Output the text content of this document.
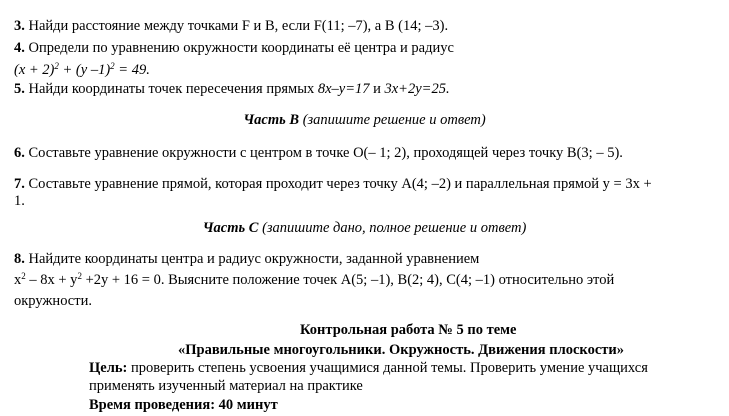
3. Найди расстояние между точками F и B, если F(11; –7), а B (14; –3).
4. Определи по уравнению окружности координаты её центра и радиус
$(x + 2)^2 + (y$ –1)$^2$ = 49.
5. Найди координаты точек пересечения прямых 8x–y=17 и 3x+2y=25.
Часть В (запишите решение и ответ)
6. Составьте уравнение окружности с центром в точке O(– 1; 2), проходящей через точку B(3; – 5).
7. Составьте уравнение прямой, которая проходит через точку A(4; –2) и параллельная прямой y = 3x +
1.
Часть С (запишите дано, полное решение и ответ)
8. Найдите координаты центра и радиус окружности, заданной уравнением
$x^2 - 8x + y^2 +2y + 16 = 0$. Выясните положение точек A(5; –1), B(2; 4), C(4; –1) относительно этой
окружности.
Контрольная работа № 5 по теме
«Правильные многоугольники. Окружность. Движения плоскости»
Цель: проверить степень усвоения учащимися данной темы. Проверить умение учащихся
применять изученный материал на практике
Время проведения: 40 минут
